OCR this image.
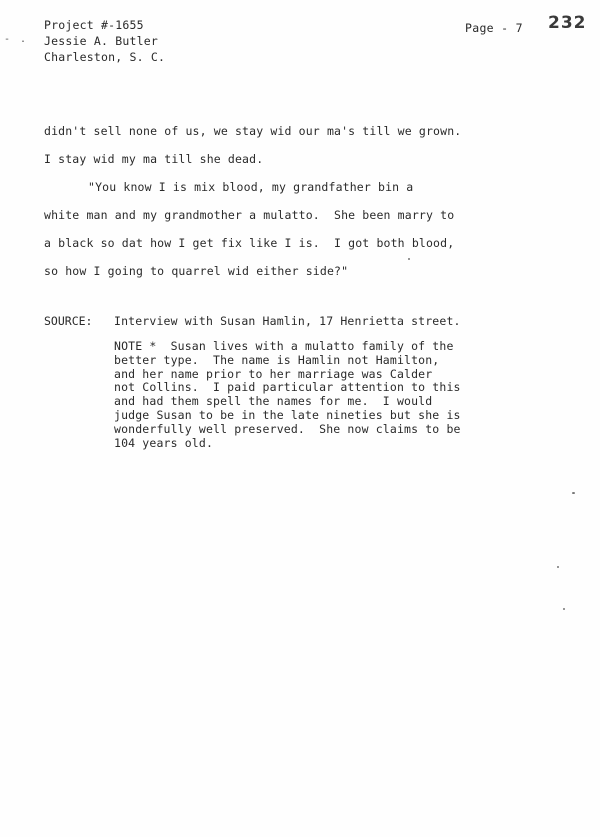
- .
Project #-1655
Jessie A. Butler
Charleston, S. C.
Page - 7 232
didn't sell none of us, we stay wid our ma's till we grown.
I stay wid my ma till she dead.
"You know I is mix blood, my grandfather bin a
white man and my grandmother a mulatto.  She been marry to
a black so dat how I get fix like I is.  I got both blood,
so how I going to quarrel wid either side?"
SOURCE: Interview with Susan Hamlin, 17 Henrietta street.
NOTE *  Susan lives with a mulatto family of the
better type.  The name is Hamlin not Hamilton,
and her name prior to her marriage was Calder
not Collins.  I paid particular attention to this
and had them spell the names for me.  I would
judge Susan to be in the late nineties but she is
wonderfully well preserved.  She now claims to be
104 years old.
